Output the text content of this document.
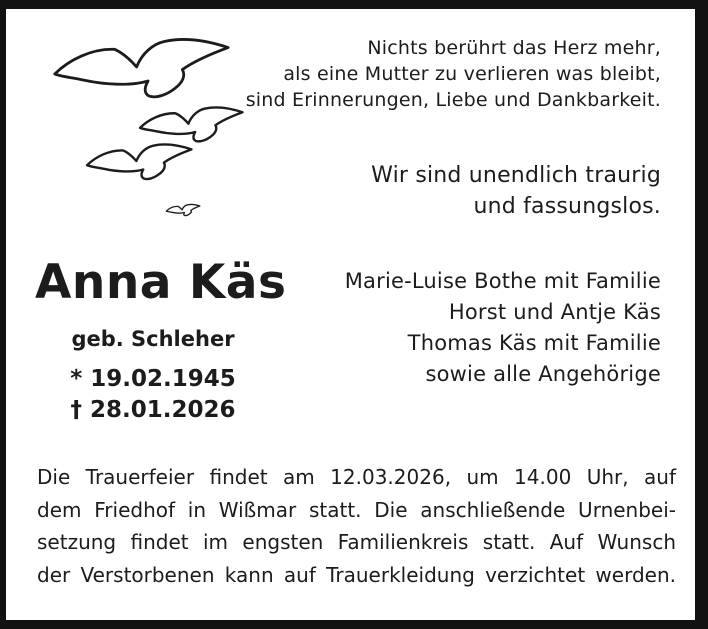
Nichts berührt das Herz mehr,
als eine Mutter zu verlieren was bleibt,
sind Erinnerungen, Liebe und Dankbarkeit.
Wir sind unendlich traurig
und fassungslos.
Anna Käs
geb. Schleher
* 19.02.1945
† 28.01.2026
Marie-Luise Bothe mit Familie
Horst und Antje Käs
Thomas Käs mit Familie
sowie alle Angehörige
Die Trauerfeier findet am 12.03.2026, um 14.00 Uhr, auf
dem Friedhof in Wißmar statt. Die anschließende Urnenbei-
setzung findet im engsten Familienkreis statt. Auf Wunsch
der Verstorbenen kann auf Trauerkleidung verzichtet werden.
